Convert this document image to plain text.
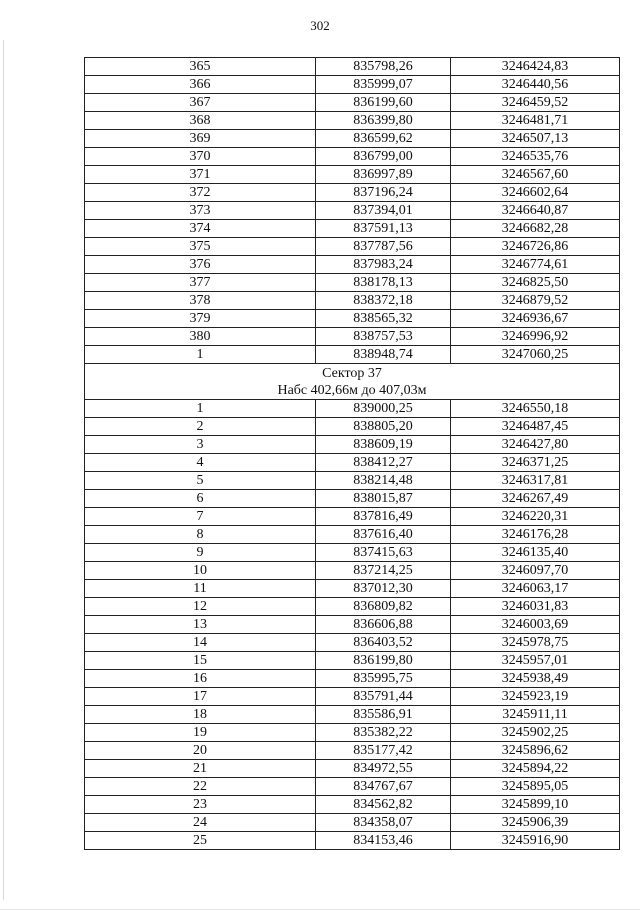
302
365	835798,26	3246424,83
366	835999,07	3246440,56
367	836199,60	3246459,52
368	836399,80	3246481,71
369	836599,62	3246507,13
370	836799,00	3246535,76
371	836997,89	3246567,60
372	837196,24	3246602,64
373	837394,01	3246640,87
374	837591,13	3246682,28
375	837787,56	3246726,86
376	837983,24	3246774,61
377	838178,13	3246825,50
378	838372,18	3246879,52
379	838565,32	3246936,67
380	838757,53	3246996,92
1	838948,74	3247060,25

Сектор 37
Набс 402,66м до 407,03м		

1	839000,25	3246550,18
2	838805,20	3246487,45
3	838609,19	3246427,80
4	838412,27	3246371,25
5	838214,48	3246317,81
6	838015,87	3246267,49
7	837816,49	3246220,31
8	837616,40	3246176,28
9	837415,63	3246135,40
10	837214,25	3246097,70
11	837012,30	3246063,17
12	836809,82	3246031,83
13	836606,88	3246003,69
14	836403,52	3245978,75
15	836199,80	3245957,01
16	835995,75	3245938,49
17	835791,44	3245923,19
18	835586,91	3245911,11
19	835382,22	3245902,25
20	835177,42	3245896,62
21	834972,55	3245894,22
22	834767,67	3245895,05
23	834562,82	3245899,10
24	834358,07	3245906,39
25	834153,46	3245916,90
